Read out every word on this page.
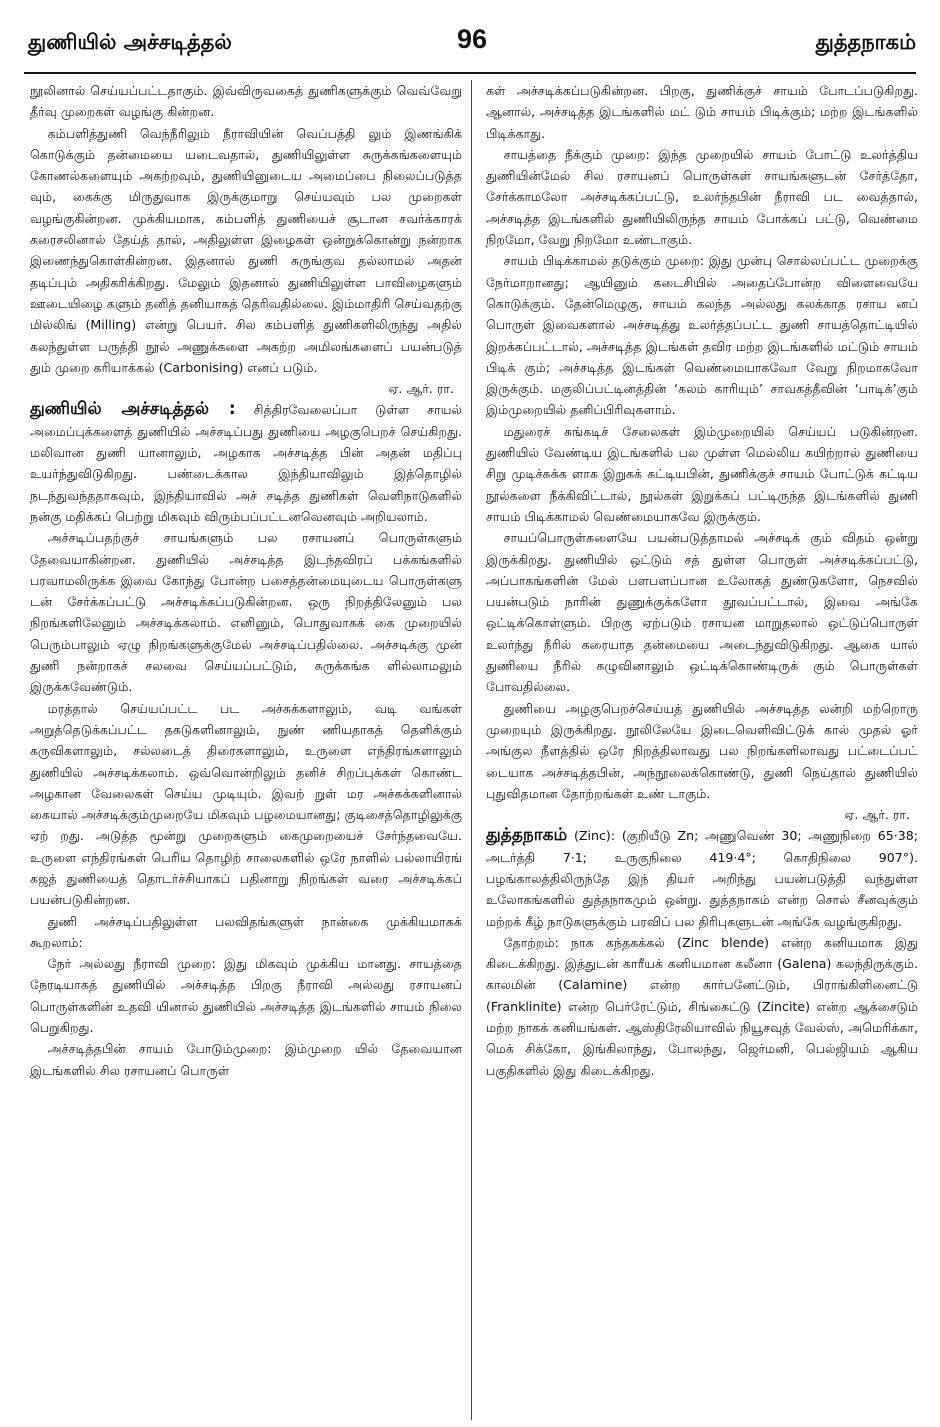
துணியில் அச்சடித்தல்	96	துத்தநாகம்

நூலினால் செய்யப்பட்டதாகும். இவ்விருவகைத் துணிகளுக்கும் வெவ்வேறு தீர்வு முறைகள் வழங்கு கின்றன.

கம்பளித்துணி வெந்நீரிலும் நீராவியின் வெப்பத்தி லும் இணங்கிக் கொடுக்கும் தன்மையை யடைவதால், துணியிலுள்ள சுருக்கங்களையும் கோணல்களையும் அகற்றவும், துணியினுடைய அமைப்பை நிலைப்படுத்த வும், கைக்கு மிருதுவாக இருக்குமாறு செய்யவும் பல முறைகள் வழங்குகின்றன. முக்கியமாக, கம்பளித் துணியைச் சூடான சவர்க்காரக் கரைசலினால் தேய்த் தால், அதிலுள்ள இழைகள் ஒன்றுக்கொன்று நன்றாக இணைந்துகொள்கின்றன. இதனால் துணி சுருங்குவ தல்லாமல் அதன் தடிப்பும் அதிகரிக்கிறது. மேலும் இதனால் துணியிலுள்ள பாவிழைகளும் ஊடையிழை களும் தனித் தனியாகத் தெரிவதில்லை. இம்மாதிரி செய்வதற்கு மில்லிங் (Milling) என்று பெயர். சில கம்பளித் துணிகளிலிருந்து அதில் கலந்துள்ள பருத்தி நூல் அணுக்களை அகற்ற அமிலங்களைப் பயன்படுத் தும் முறை கரியாக்கல் (Carbonising) எனப் படும்.

ஏ. ஆர். ரா.

துணியில் அச்சடித்தல் : சித்திரவேலைப்பா டுள்ள சாயல் அமைப்புக்களைத் துணியில் அச்சடிப்பது துணியை அழகுபெறச் செய்கிறது. மலிவான துணி யானாலும், அழகாக அச்சடித்த பின் அதன் மதிப்பு உயர்ந்துவிடுகிறது. பண்டைக்கால இந்தியாவிலும் இத்தொழில் நடந்துவந்ததாகவும், இந்தியாவில் அச் சடித்த துணிகள் வெளிநாடுகளில் நன்கு மதிக்கப் பெற்று மிகவும் விரும்பப்பட்டனவெனவும் அறியலாம்.

அச்சடிப்பதற்குச் சாயங்களும் பல ரசாயனப் பொருள்களும் தேவையாகின்றன. துணியில் அச்சடித்த இடந்தவிரப் பக்கங்களில் பரவாமலிருக்க இவை கோந்து போன்ற பசைத்தன்மையுடைய பொருள்களு டன் சேர்க்கப்பட்டு அச்சடிக்கப்படுகின்றன. ஒரு நிறத்திலேனும் பல நிறங்களிலேனும் அச்சடிக்கலாம். எனினும், பொதுவாகக் கை முறையில் பெரும்பாலும் ஏழு நிறங்களுக்குமேல் அச்சடிப்பதில்லை. அச்சடிக்கு முன் துணி நன்றாகச் சலவை செய்யப்பட்டும், சுருக்கங்க ளில்லாமலும் இருக்கவேண்டும்.

மரத்தால் செய்யப்பட்ட பட அச்சுக்களாலும், வடி வங்கள் அறுத்தெடுக்கப்பட்ட தகடுகளினாலும், நுண் ணியதாகத் தெளிக்கும் கருவிகளாலும், சல்லடைத் திரைகளாலும், உருளை எந்திரங்களாலும் துணியில் அச்சடிக்கலாம். ஒவ்வொன்றிலும் தனிச் சிறப்புக்கள் கொண்ட அழகான வேலைகள் செய்ய முடியும். இவற் றுள் மர அச்சுக்களினால் கையால் அச்சடிக்கும்முறையே மிகவும் பழமையானது; குடிசைத்தொழிலுக்கு ஏற் றது. அடுத்த மூன்று முறைகளும் கைமுறையைச் சேர்ந்தவையே. உருளை எந்திரங்கள் பெரிய தொழிற் சாலைகளில் ஒரே நாளில் பல்லாயிரங் கஜத் துணியைத் தொடர்ச்சியாகப் பதினாறு நிறங்கள் வரை அச்சடிக்கப் பயன்படுகின்றன.

துணி அச்சடிப்பதிலுள்ள பலவிதங்களுள் நான்கை முக்கியமாகக் கூறலாம்:

நேர் அல்லது நீராவி முறை: இது மிகவும் முக்கிய மானது. சாயத்தை நேரடியாகத் துணியில் அச்சடித்த பிறகு நீராவி அல்லது ரசாயனப் பொருள்களின் உதவி யினால் துணியில் அச்சடித்த இடங்களில் சாயம் நிலை பெறுகிறது.

அச்சடித்தபின் சாயம் போடும்முறை: இம்முறை யில் தேவையான இடங்களில் சில ரசாயனப் பொருள்

கள் அச்சடிக்கப்படுகின்றன. பிறகு, துணிக்குச் சாயம் போடப்படுகிறது. ஆனால், அச்சடித்த இடங்களில் மட் டும் சாயம் பிடிக்கும்; மற்ற இடங்களில் பிடிக்காது.

சாயத்தை நீக்கும் முறை: இந்த முறையில் சாயம் போட்டு உலர்த்திய துணியின்மேல் சில ரசாயனப் பொருள்கள் சாயங்களுடன் சேர்த்தோ, சேர்க்காமலோ அச்சடிக்கப்பட்டு, உலர்ந்தபின் நீராவி பட வைத்தால், அச்சடித்த இடங்களில் துணியிலிருந்த சாயம் போக்கப் பட்டு, வெண்மை நிறமோ, வேறு நிறமோ உண்டாகும்.

சாயம் பிடிக்காமல் தடுக்கும் முறை: இது முன்பு சொல்லப்பட்ட முறைக்கு நேர்மாறானது; ஆயினும் கடைசியில் அதைப்போன்ற விளைவையே கொடுக்கும். தேன்மெழுகு, சாயம் கலந்த அல்லது கலக்காத ரசாய னப் பொருள் இவைகளால் அச்சடித்து உலர்த்தப்பட்ட துணி சாயத்தொட்டியில் இறக்கப்பட்டால், அச்சடித்த இடங்கள் தவிர மற்ற இடங்களில் மட்டும் சாயம் பிடிக் கும்; அச்சடித்த இடங்கள் வெண்மையாகவோ வேறு நிறமாகவோ இருக்கும். மகுலிப்பட்டினத்தின் ‘கலம் காரியும்’ சாவகத்தீவின் ‘பாடிக்’கும் இம்முறையில் தனிப்பிரிவுகளாம்.

மதுரைச் சுங்கடிச் சேலைகள் இம்முறையில் செய்யப் படுகின்றன. துணியில் வேண்டிய இடங்களில் பல முள்ள மெல்லிய கயிற்றால் துணியை சிறு முடிச்சுக்க ளாக இறுகக் கட்டியபின், துணிக்குச் சாயம் போட்டுக் கட்டிய நூல்களை நீக்கிவிட்டால், நூல்கள் இறுக்கப் பட்டிருந்த இடங்களில் துணி சாயம் பிடிக்காமல் வெண்மையாகவே இருக்கும்.

சாயப்பொருள்களையே பயன்படுத்தாமல் அச்சடிக் கும் விதம் ஒன்று இருக்கிறது. துணியில் ஒட்டும் சத் துள்ள பொருள் அச்சடிக்கப்பட்டு, அப்பாகங்களின் மேல் பளபளப்பான உலோகத் துண்டுகளோ, நெசவில் பயன்படும் நாரின் துணுக்குக்களோ தூவப்பட்டால், இவை அங்கே ஒட்டிக்கொள்ளும். பிறகு ஏற்படும் ரசாயன மாறுதலால் ஒட்டுப்பொருள் உலர்ந்து நீரில் கரையாத தன்மையை அடைந்துவிடுகிறது. ஆகை யால் துணியை நீரில் கழுவினாலும் ஒட்டிக்கொண்டிருக் கும் பொருள்கள் போவதில்லை.

துணியை அழகுபெறச்செய்யத் துணியில் அச்சடித்த லன்றி மற்றொரு முறையும் இருக்கிறது. நூலிலேயே இடைவெளிவிட்டுக் கால் முதல் ஓர் அங்குல நீளத்தில் ஒரே நிறத்திலாவது பல நிறங்களிலாவது பட்டைப்பட் டையாக அச்சடித்தபின், அந்நூலைக்கொண்டு, துணி நெய்தால் துணியில் புதுவிதமான தோற்றங்கள் உண் டாகும்.

ஏ. ஆர். ரா.

துத்தநாகம் (Zinc): (குறியீடு Zn; அணுவெண் 30; அணுநிறை 65·38; அடர்த்தி 7·1; உருகுநிலை 419·4°; கொதிநிலை 907°). பழங்காலத்திலிருந்தே இந் தியர் அறிந்து பயன்படுத்தி வந்துள்ள உலோகங்களில் துத்தநாகமும் ஒன்று. துத்தநாகம் என்ற சொல் சீனவுக்கும் மற்றக் கீழ் நாடுகளுக்கும் பரவிப் பல திரிபுகளுடன் அங்கே வழங்குகிறது.

தோற்றம்: நாக கந்தகக்கல் (Zinc blende) என்ற கனியமாக இது கிடைக்கிறது. இத்துடன் காரீயக் கனியமான கலீனா (Galena) கலந்திருக்கும். காலமின் (Calamine) என்ற கார்பனேட்டும், பிராங்கிளினைட்டு (Franklinite) என்ற பெர்ரேட்டும், சிங்கைட்டு (Zincite) என்ற ஆக்சைடும் மற்ற நாகக் கனியங்கள். ஆஸ்திரேலியாவில் நியூசவுத் வேல்ஸ், அமெரிக்கா, மெக் சிக்கோ, இங்கிலாந்து, போலந்து, ஜெர்மனி, பெல்ஜியம் ஆகிய பகுதிகளில் இது கிடைக்கிறது.
